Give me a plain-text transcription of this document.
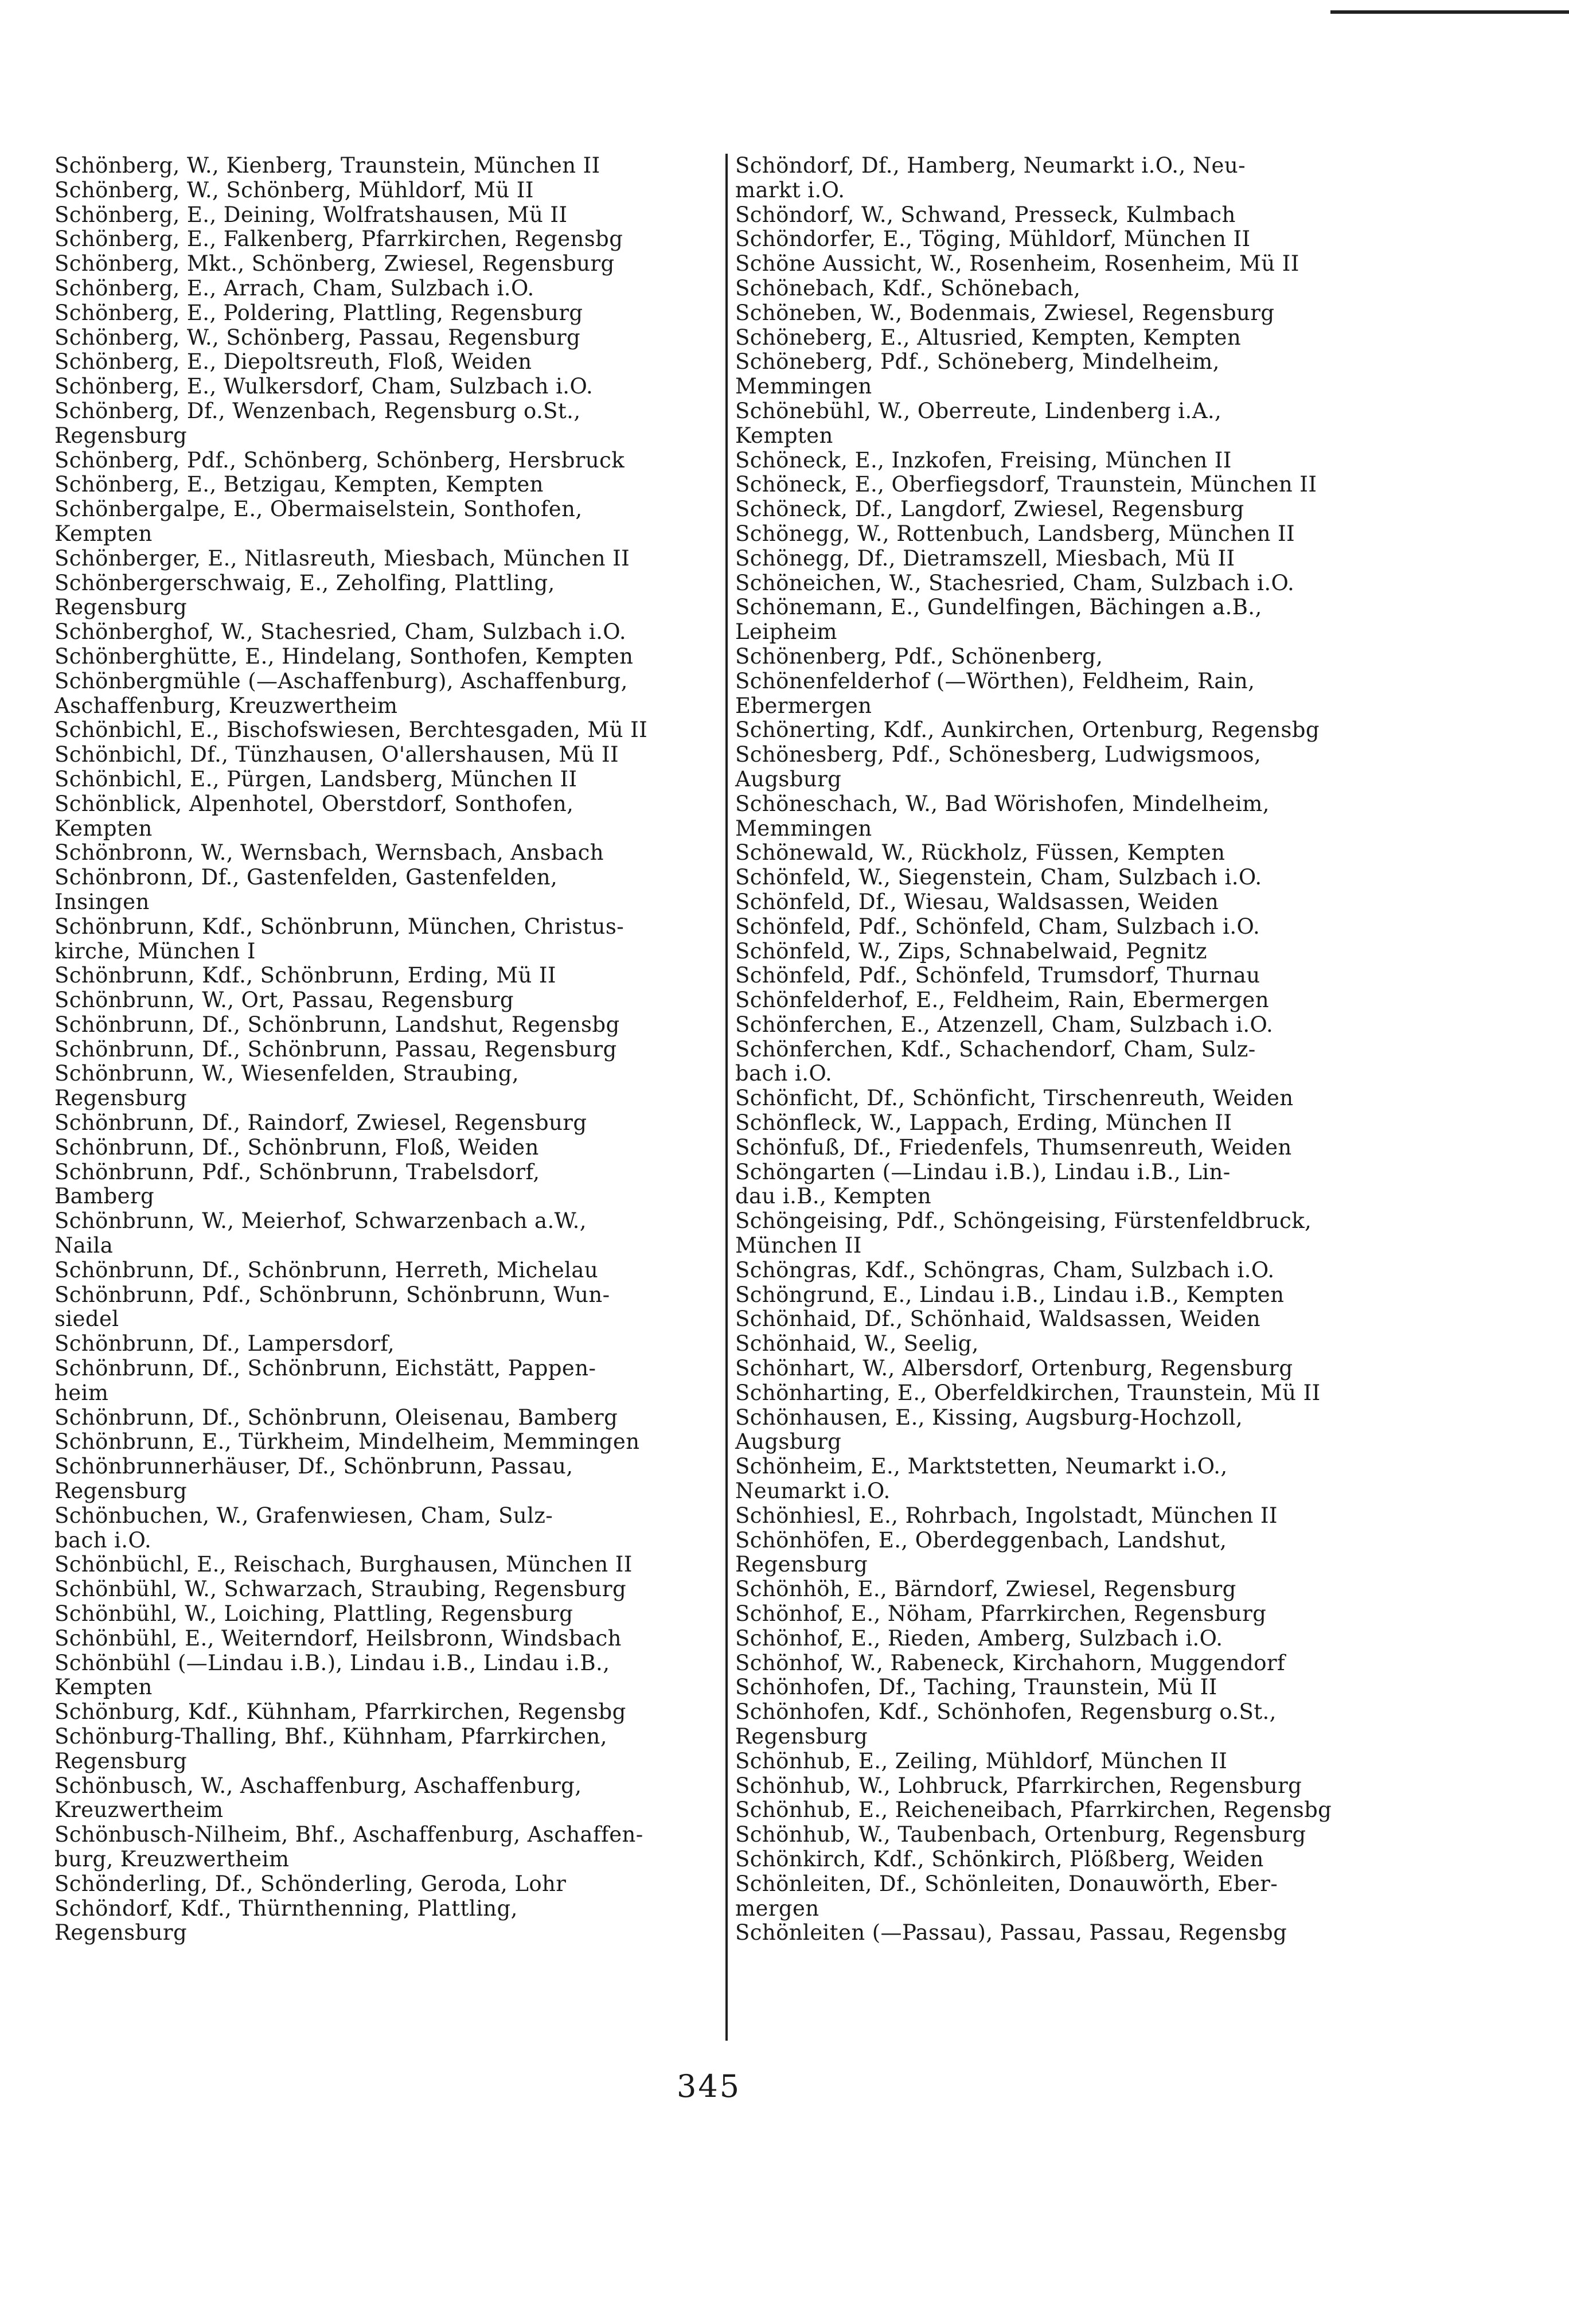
Schönberg, W., Kienberg, Traunstein, München II
Schönberg, W., Schönberg, Mühldorf, Mü II
Schönberg, E., Deining, Wolfratshausen, Mü II
Schönberg, E., Falkenberg, Pfarrkirchen, Regensbg
Schönberg, Mkt., Schönberg, Zwiesel, Regensburg
Schönberg, E., Arrach, Cham, Sulzbach i.O.
Schönberg, E., Poldering, Plattling, Regensburg
Schönberg, W., Schönberg, Passau, Regensburg
Schönberg, E., Diepoltsreuth, Floß, Weiden
Schönberg, E., Wulkersdorf, Cham, Sulzbach i.O.
Schönberg, Df., Wenzenbach, Regensburg o.St.,
Regensburg
Schönberg, Pdf., Schönberg, Schönberg, Hersbruck
Schönberg, E., Betzigau, Kempten, Kempten
Schönbergalpe, E., Obermaiselstein, Sonthofen,
Kempten
Schönberger, E., Nitlasreuth, Miesbach, München II
Schönbergerschwaig, E., Zeholfing, Plattling,
Regensburg
Schönberghof, W., Stachesried, Cham, Sulzbach i.O.
Schönberghütte, E., Hindelang, Sonthofen, Kempten
Schönbergmühle (—Aschaffenburg), Aschaffenburg,
Aschaffenburg, Kreuzwertheim
Schönbichl, E., Bischofswiesen, Berchtesgaden, Mü II
Schönbichl, Df., Tünzhausen, O'allershausen, Mü II
Schönbichl, E., Pürgen, Landsberg, München II
Schönblick, Alpenhotel, Oberstdorf, Sonthofen,
Kempten
Schönbronn, W., Wernsbach, Wernsbach, Ansbach
Schönbronn, Df., Gastenfelden, Gastenfelden,
Insingen
Schönbrunn, Kdf., Schönbrunn, München, Christus-
kirche, München I
Schönbrunn, Kdf., Schönbrunn, Erding, Mü II
Schönbrunn, W., Ort, Passau, Regensburg
Schönbrunn, Df., Schönbrunn, Landshut, Regensbg
Schönbrunn, Df., Schönbrunn, Passau, Regensburg
Schönbrunn, W., Wiesenfelden, Straubing,
Regensburg
Schönbrunn, Df., Raindorf, Zwiesel, Regensburg
Schönbrunn, Df., Schönbrunn, Floß, Weiden
Schönbrunn, Pdf., Schönbrunn, Trabelsdorf,
Bamberg
Schönbrunn, W., Meierhof, Schwarzenbach a.W.,
Naila
Schönbrunn, Df., Schönbrunn, Herreth, Michelau
Schönbrunn, Pdf., Schönbrunn, Schönbrunn, Wun-
siedel
Schönbrunn, Df., Lampersdorf,
Schönbrunn, Df., Schönbrunn, Eichstätt, Pappen-
heim
Schönbrunn, Df., Schönbrunn, Oleisenau, Bamberg
Schönbrunn, E., Türkheim, Mindelheim, Memmingen
Schönbrunnerhäuser, Df., Schönbrunn, Passau,
Regensburg
Schönbuchen, W., Grafenwiesen, Cham, Sulz-
bach i.O.
Schönbüchl, E., Reischach, Burghausen, München II
Schönbühl, W., Schwarzach, Straubing, Regensburg
Schönbühl, W., Loiching, Plattling, Regensburg
Schönbühl, E., Weiterndorf, Heilsbronn, Windsbach
Schönbühl (—Lindau i.B.), Lindau i.B., Lindau i.B.,
Kempten
Schönburg, Kdf., Kühnham, Pfarrkirchen, Regensbg
Schönburg-Thalling, Bhf., Kühnham, Pfarrkirchen,
Regensburg
Schönbusch, W., Aschaffenburg, Aschaffenburg,
Kreuzwertheim
Schönbusch-Nilheim, Bhf., Aschaffenburg, Aschaffen-
burg, Kreuzwertheim
Schönderling, Df., Schönderling, Geroda, Lohr
Schöndorf, Kdf., Thürnthenning, Plattling,
Regensburg
Schöndorf, Df., Hamberg, Neumarkt i.O., Neu-
markt i.O.
Schöndorf, W., Schwand, Presseck, Kulmbach
Schöndorfer, E., Töging, Mühldorf, München II
Schöne Aussicht, W., Rosenheim, Rosenheim, Mü II
Schönebach, Kdf., Schönebach,
Schöneben, W., Bodenmais, Zwiesel, Regensburg
Schöneberg, E., Altusried, Kempten, Kempten
Schöneberg, Pdf., Schöneberg, Mindelheim,
Memmingen
Schönebühl, W., Oberreute, Lindenberg i.A.,
Kempten
Schöneck, E., Inzkofen, Freising, München II
Schöneck, E., Oberfiegsdorf, Traunstein, München II
Schöneck, Df., Langdorf, Zwiesel, Regensburg
Schönegg, W., Rottenbuch, Landsberg, München II
Schönegg, Df., Dietramszell, Miesbach, Mü II
Schöneichen, W., Stachesried, Cham, Sulzbach i.O.
Schönemann, E., Gundelfingen, Bächingen a.B.,
Leipheim
Schönenberg, Pdf., Schönenberg,
Schönenfelderhof (—Wörthen), Feldheim, Rain,
Ebermergen
Schönerting, Kdf., Aunkirchen, Ortenburg, Regensbg
Schönesberg, Pdf., Schönesberg, Ludwigsmoos,
Augsburg
Schöneschach, W., Bad Wörishofen, Mindelheim,
Memmingen
Schönewald, W., Rückholz, Füssen, Kempten
Schönfeld, W., Siegenstein, Cham, Sulzbach i.O.
Schönfeld, Df., Wiesau, Waldsassen, Weiden
Schönfeld, Pdf., Schönfeld, Cham, Sulzbach i.O.
Schönfeld, W., Zips, Schnabelwaid, Pegnitz
Schönfeld, Pdf., Schönfeld, Trumsdorf, Thurnau
Schönfelderhof, E., Feldheim, Rain, Ebermergen
Schönferchen, E., Atzenzell, Cham, Sulzbach i.O.
Schönferchen, Kdf., Schachendorf, Cham, Sulz-
bach i.O.
Schönficht, Df., Schönficht, Tirschenreuth, Weiden
Schönfleck, W., Lappach, Erding, München II
Schönfuß, Df., Friedenfels, Thumsenreuth, Weiden
Schöngarten (—Lindau i.B.), Lindau i.B., Lin-
dau i.B., Kempten
Schöngeising, Pdf., Schöngeising, Fürstenfeldbruck,
München II
Schöngras, Kdf., Schöngras, Cham, Sulzbach i.O.
Schöngrund, E., Lindau i.B., Lindau i.B., Kempten
Schönhaid, Df., Schönhaid, Waldsassen, Weiden
Schönhaid, W., Seelig,
Schönhart, W., Albersdorf, Ortenburg, Regensburg
Schönharting, E., Oberfeldkirchen, Traunstein, Mü II
Schönhausen, E., Kissing, Augsburg-Hochzoll,
Augsburg
Schönheim, E., Marktstetten, Neumarkt i.O.,
Neumarkt i.O.
Schönhiesl, E., Rohrbach, Ingolstadt, München II
Schönhöfen, E., Oberdeggenbach, Landshut,
Regensburg
Schönhöh, E., Bärndorf, Zwiesel, Regensburg
Schönhof, E., Nöham, Pfarrkirchen, Regensburg
Schönhof, E., Rieden, Amberg, Sulzbach i.O.
Schönhof, W., Rabeneck, Kirchahorn, Muggendorf
Schönhofen, Df., Taching, Traunstein, Mü II
Schönhofen, Kdf., Schönhofen, Regensburg o.St.,
Regensburg
Schönhub, E., Zeiling, Mühldorf, München II
Schönhub, W., Lohbruck, Pfarrkirchen, Regensburg
Schönhub, E., Reicheneibach, Pfarrkirchen, Regensbg
Schönhub, W., Taubenbach, Ortenburg, Regensburg
Schönkirch, Kdf., Schönkirch, Plößberg, Weiden
Schönleiten, Df., Schönleiten, Donauwörth, Eber-
mergen
Schönleiten (—Passau), Passau, Passau, Regensbg
345
